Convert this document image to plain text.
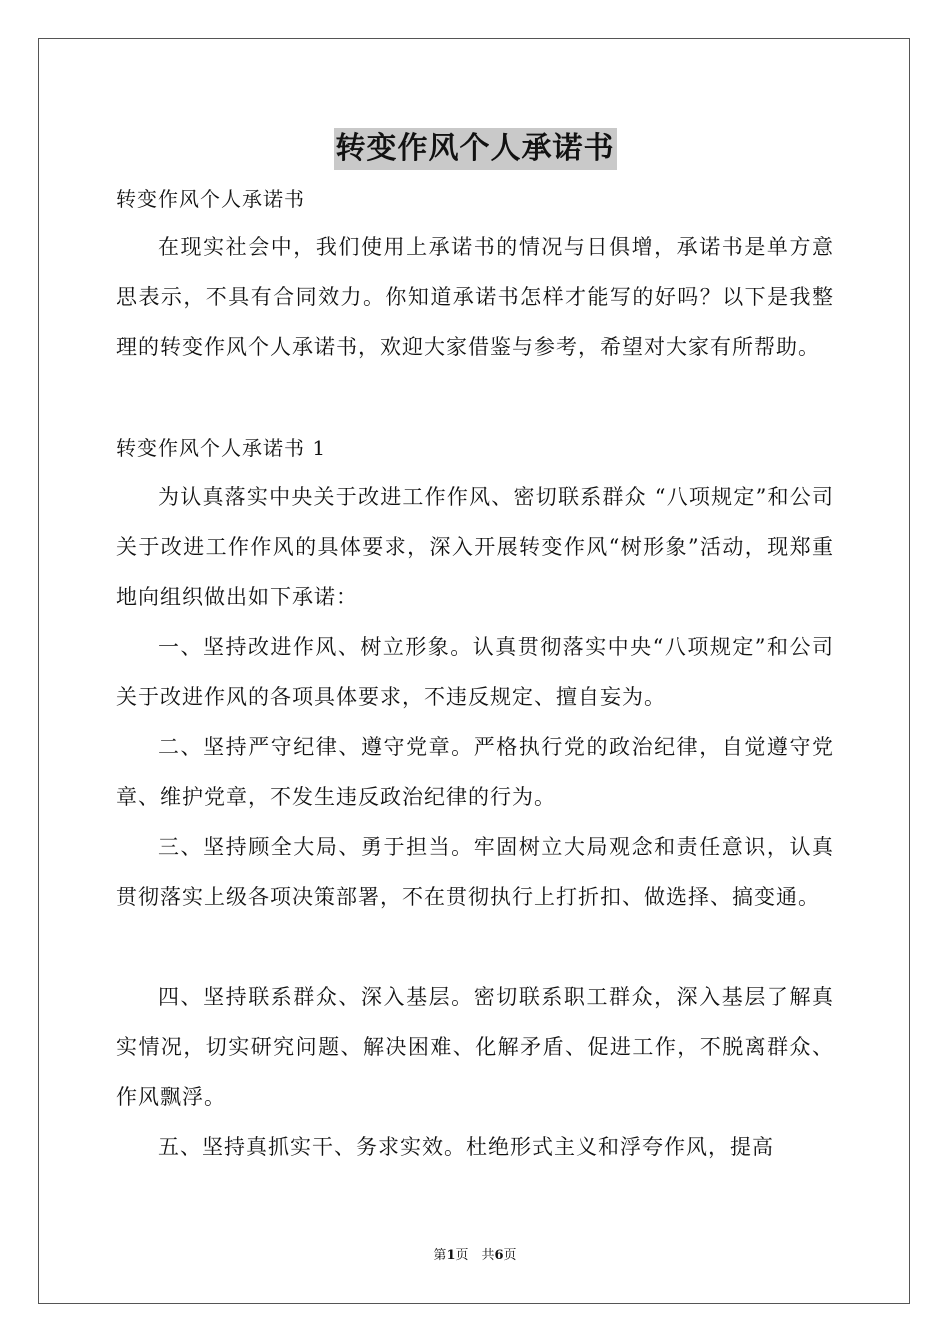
转变作风个人承诺书
转变作风个人承诺书

在现实社会中，我们使用上承诺书的情况与日俱增，承诺书是单方意思表示，不具有合同效力。你知道承诺书怎样才能写的好吗？以下是我整理的转变作风个人承诺书，欢迎大家借鉴与参考，希望对大家有所帮助。

转变作风个人承诺书 1

为认真落实中央关于改进工作作风、密切联系群众 “八项规定”和公司关于改进工作作风的具体要求，深入开展转变作风“树形象”活动，现郑重地向组织做出如下承诺：

一、坚持改进作风、树立形象。认真贯彻落实中央“八项规定”和公司关于改进作风的各项具体要求，不违反规定、擅自妄为。

二、坚持严守纪律、遵守党章。严格执行党的政治纪律，自觉遵守党章、维护党章，不发生违反政治纪律的行为。

三、坚持顾全大局、勇于担当。牢固树立大局观念和责任意识，认真贯彻落实上级各项决策部署，不在贯彻执行上打折扣、做选择、搞变通。

四、坚持联系群众、深入基层。密切联系职工群众，深入基层了解真实情况，切实研究问题、解决困难、化解矛盾、促进工作，不脱离群众、作风飘浮。

五、坚持真抓实干、务求实效。杜绝形式主义和浮夸作风，提高

第1页　共6页
